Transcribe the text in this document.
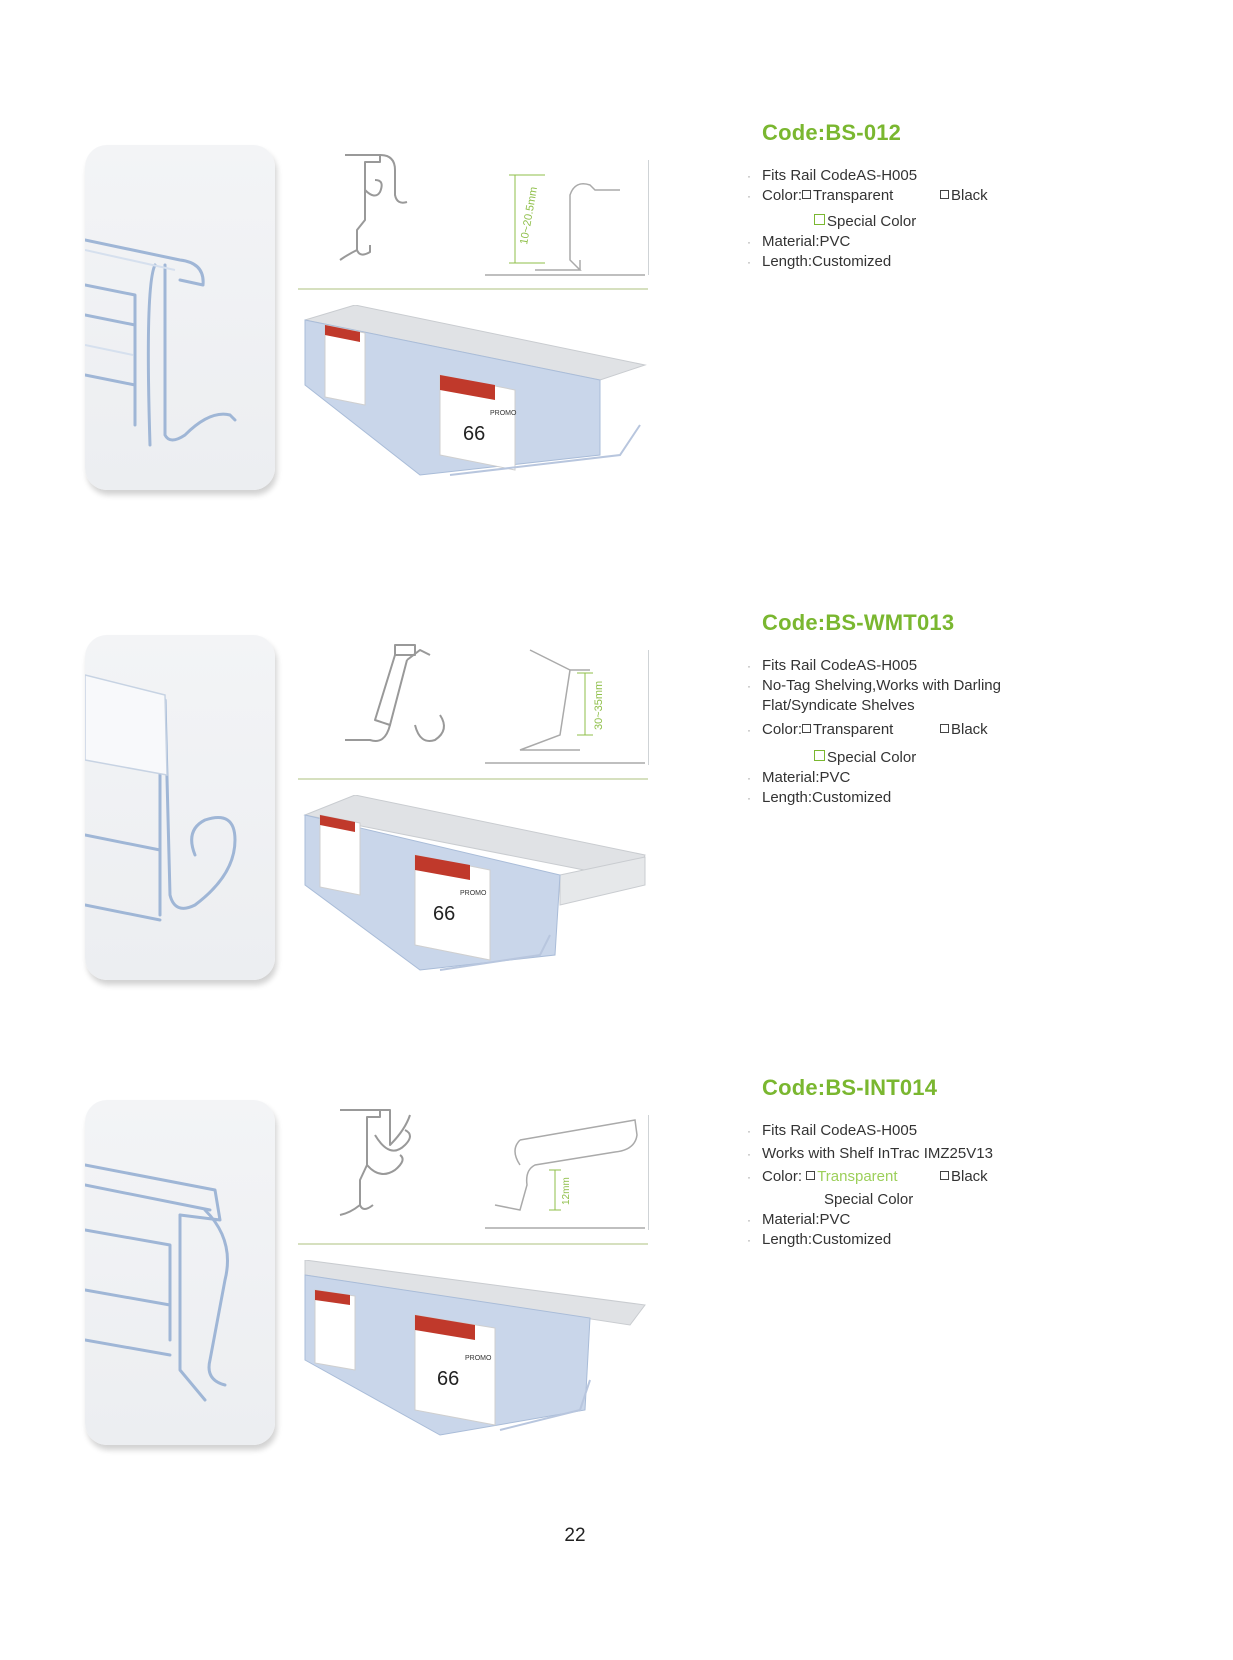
10~20.5mm
66
PROMO
Code:BS-012
· Fits Rail CodeAS-H005
· Color: Transparent	Black
Special Color
· Material:PVC
· Length:Customized
30~35mm
66
PROMO
Code:BS-WMT013
· Fits Rail CodeAS-H005
· No-Tag Shelving,Works with Darling
Flat/Syndicate Shelves
· Color: Transparent	Black
Special Color
· Material:PVC
· Length:Customized
12mm
66
PROMO
Code:BS-INT014
· Fits Rail CodeAS-H005
· Works with Shelf InTrac IMZ25V13
· Color: Transparent	Black
Special Color
· Material:PVC
· Length:Customized
22
